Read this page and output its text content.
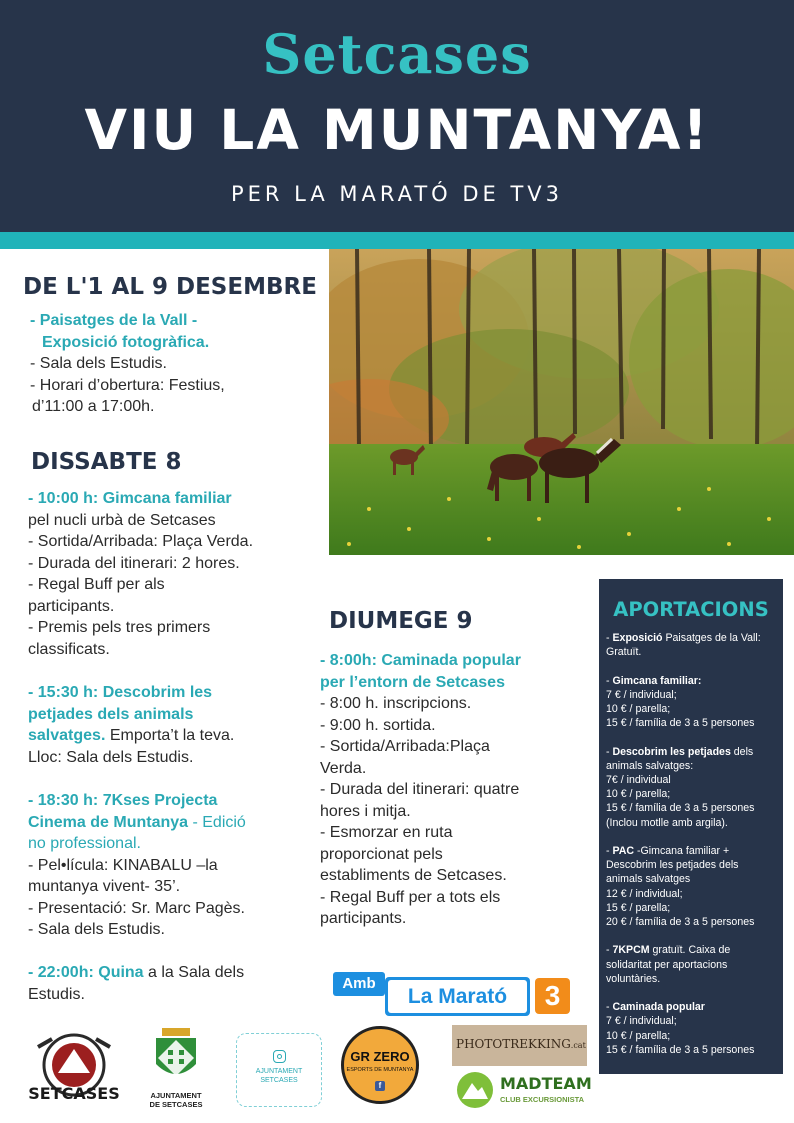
Setcases
VIU LA MUNTANYA!
PER LA MARATÓ DE TV3
DE L'1 AL 9 DESEMBRE

- Paisatges de la Vall -

Exposició fotogràfica.

- Sala dels Estudis.

- Horari d’obertura: Festius,

d’11:00 a 17:00h.

DISSABTE 8

- 10:00 h: Gimcana familiar

pel nucli urbà de Setcases

- Sortida/Arribada: Plaça Verda.

- Durada del itinerari: 2 hores.

- Regal Buff per als

participants.

- Premis pels tres primers

classificats.

- 15:30 h: Descobrim les

petjades dels animals

salvatges. Emporta’t la teva.

Lloc: Sala dels Estudis.

- 18:30 h: 7Kses Projecta

Cinema de Muntanya - Edició

no professional.

- Pel•lícula: KINABALU –la

muntanya vivent- 35’.

- Presentació: Sr. Marc Pagès.

- Sala dels Estudis.

- 22:00h: Quina a la Sala dels

Estudis.

DIUMEGE 9

- 8:00h: Caminada popular

per l’entorn de Setcases

- 8:00 h. inscripcions.

- 9:00 h. sortida.

- Sortida/Arribada:Plaça

Verda.

- Durada del itinerari: quatre

hores i mitja.

- Esmorzar en ruta

proporcionat pels

establiments de Setcases.

- Regal Buff per a tots els

participants.

APORTACIONS
- Exposició Paisatges de la Vall:
Gratuït.
- Gimcana familiar:
7 € / individual;
10 € / parella;
15 € / família de 3 a 5 persones
- Descobrim les petjades dels
animals salvatges:
7€ / individual
10 € / parella;
15 € / família de 3 a 5 persones
(Inclou motlle amb argila).
- PAC -Gimcana familiar +
Descobrim les petjades dels
animals salvatges
12 € / individual;
15 € / parella;
20 € / família de 3 a 5 persones
- 7KPCM gratuït. Caixa de
solidaritat per aportacions
voluntàries.
- Caminada popular
7 € / individual;
10 € / parella;
15 € / família de 3 a 5 persones
Amb
La Marató	3
SETCASES	AJUNTAMENT
DE SETCASES
AJUNTAMENT
SETCASES
GR ZERO
ESPORTS DE MUNTANYA
f
PHOTOTREKKING.cat
MADTEAM
CLUB EXCURSIONISTA
